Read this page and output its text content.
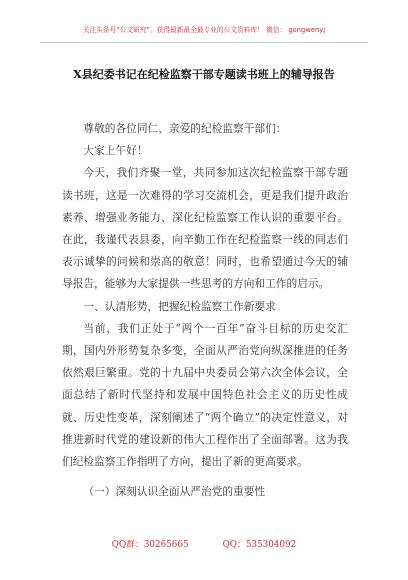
关注头条号“公文研究”，获得最新最全最专业的公文资料库！ 微信： gongwenyj
X县纪委书记在纪检监察干部专题读书班上的辅导报告

尊敬的各位同仁、亲爱的纪检监察干部们：

大家上午好！

今天，我们齐聚一堂，共同参加这次纪检监察干部专题读书班，这是一次难得的学习交流机会，更是我们提升政治素养、增强业务能力、深化纪检监察工作认识的重要平台。在此，我谨代表县委，向辛勤工作在纪检监察一线的同志们表示诚挚的问候和崇高的敬意！同时，也希望通过今天的辅导报告，能够为大家提供一些思考的方向和工作的启示。

一、认清形势，把握纪检监察工作新要求

当前，我们正处于“两个一百年”奋斗目标的历史交汇期，国内外形势复杂多变，全面从严治党向纵深推进的任务依然艰巨繁重。党的十九届中央委员会第六次全体会议，全面总结了新时代坚持和发展中国特色社会主义的历史性成就、历史性变革，深刻阐述了“两个确立”的决定性意义，对推进新时代党的建设新的伟大工程作出了全面部署。这为我们纪检监察工作指明了方向，提出了新的更高要求。

（一）深刻认识全面从严治党的重要性

QQ群：30265665	QQ：535304092
